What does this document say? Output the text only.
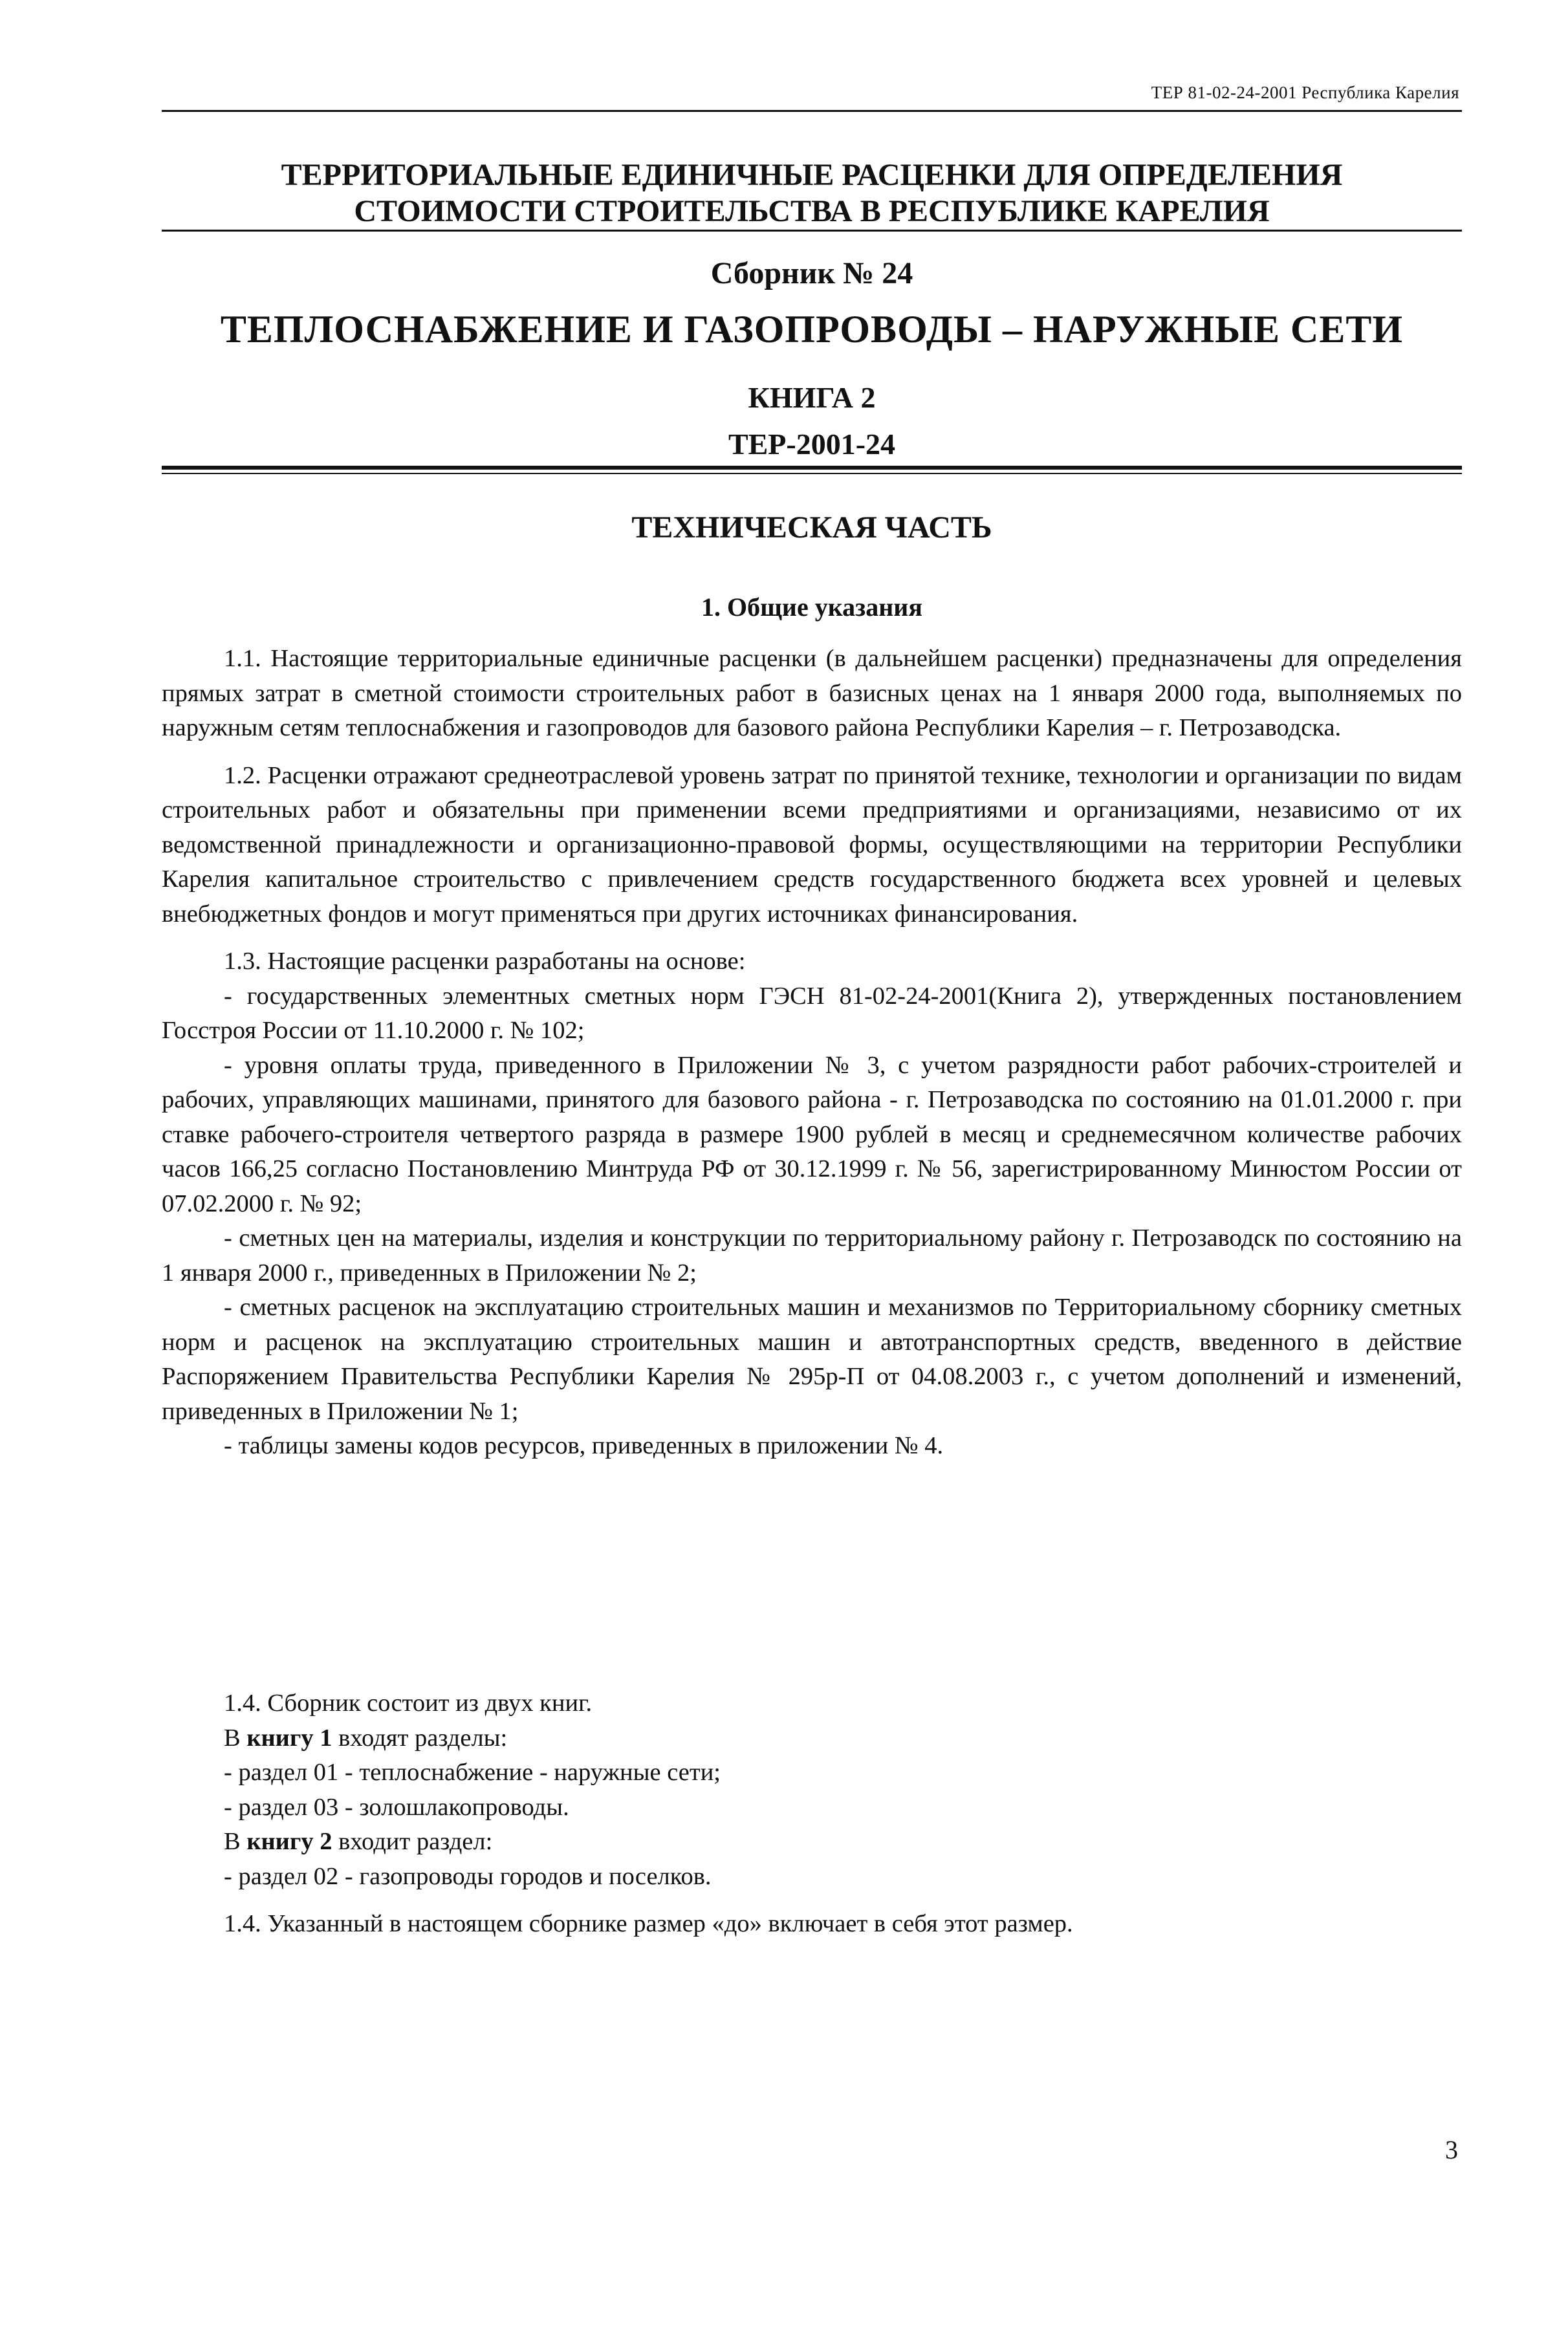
ТЕР 81-02-24-2001 Республика Карелия
ТЕРРИТОРИАЛЬНЫЕ ЕДИНИЧНЫЕ РАСЦЕНКИ ДЛЯ ОПРЕДЕЛЕНИЯ
СТОИМОСТИ СТРОИТЕЛЬСТВА В РЕСПУБЛИКЕ КАРЕЛИЯ
Сборник № 24
ТЕПЛОСНАБЖЕНИЕ И ГАЗОПРОВОДЫ – НАРУЖНЫЕ СЕТИ
КНИГА 2
ТЕР-2001-24
ТЕХНИЧЕСКАЯ ЧАСТЬ
1. Общие указания

1.1. Настоящие территориальные единичные расценки (в дальнейшем расценки) предназначены для определения прямых затрат в сметной стоимости строительных работ в базисных ценах на 1 января 2000 года, выполняемых по наружным сетям теплоснабжения и газопроводов для базового района Республики Карелия – г. Петрозаводска.

1.2. Расценки отражают среднеотраслевой уровень затрат по принятой технике, технологии и организации по видам строительных работ и обязательны при применении всеми предприятиями и организациями, независимо от их ведомственной принадлежности и организационно-правовой формы, осуществляющими на территории Республики Карелия капитальное строительство с привлечением средств государственного бюджета всех уровней и целевых внебюджетных фондов и могут применяться при других источниках финансирования.

1.3. Настоящие расценки разработаны на основе:

- государственных элементных сметных норм ГЭСН 81-02-24-2001(Книга 2), утвержденных постановлением Госстроя России от 11.10.2000 г. № 102;

- уровня оплаты труда, приведенного в Приложении № 3, с учетом разрядности работ рабочих-строителей и рабочих, управляющих машинами, принятого для базового района - г. Петрозаводска по состоянию на 01.01.2000 г. при ставке рабочего-строителя четвертого разряда в размере 1900 рублей в месяц и среднемесячном количестве рабочих часов 166,25 согласно Постановлению Минтруда РФ от 30.12.1999 г. № 56, зарегистрированному Минюстом России от 07.02.2000 г. № 92;

- сметных цен на материалы, изделия и конструкции по территориальному району г. Петрозаводск по состоянию на 1 января 2000 г., приведенных в Приложении № 2;

- сметных расценок на эксплуатацию строительных машин и механизмов по Территориальному сборнику сметных норм и расценок на эксплуатацию строительных машин и автотранспортных средств, введенного в действие Распоряжением Правительства Республики Карелия № 295р-П от 04.08.2003 г., с учетом дополнений и изменений, приведенных в Приложении № 1;

- таблицы замены кодов ресурсов, приведенных в приложении № 4.

1.4. Сборник состоит из двух книг.
В книгу 1 входят разделы:
- раздел 01 - теплоснабжение - наружные сети;
- раздел 03 - золошлакопроводы.
В книгу 2 входит раздел:
- раздел 02 - газопроводы городов и поселков.
1.4. Указанный в настоящем сборнике размер «до» включает в себя этот размер.
3
